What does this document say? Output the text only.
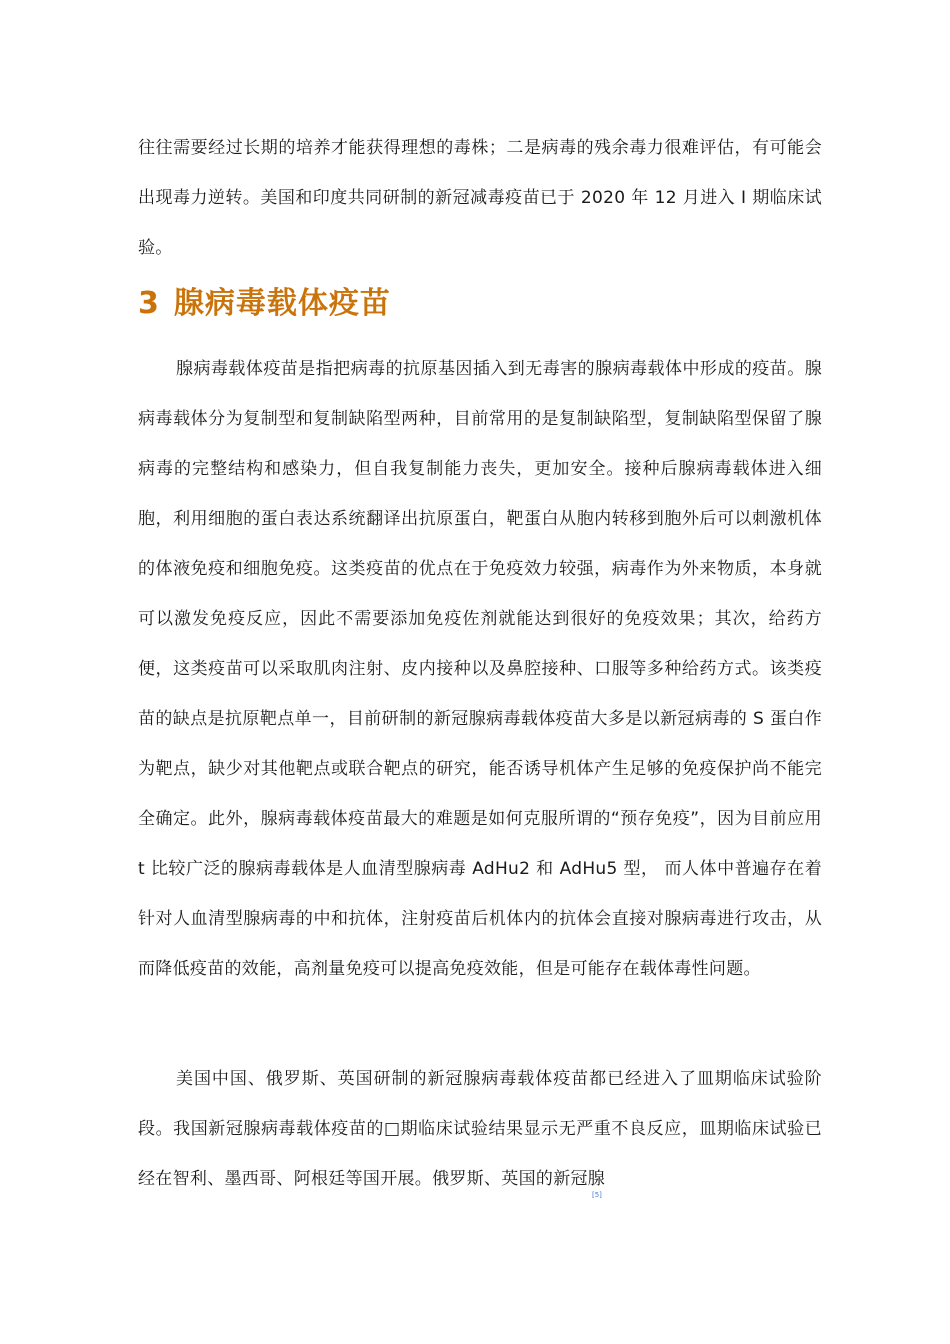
往往需要经过长期的培养才能获得理想的毒株；二是病毒的残余毒力很难评估，有可能会出现毒力逆转。美国和印度共同研制的新冠减毒疫苗已于 2020 年 12 月进入 I 期临床试验。

3 腺病毒载体疫苗

腺病毒载体疫苗是指把病毒的抗原基因插入到无毒害的腺病毒载体中形成的疫苗。腺病毒载体分为复制型和复制缺陷型两种，目前常用的是复制缺陷型，复制缺陷型保留了腺病毒的完整结构和感染力，但自我复制能力丧失，更加安全。接种后腺病毒载体进入细胞，利用细胞的蛋白表达系统翻译出抗原蛋白，靶蛋白从胞内转移到胞外后可以刺激机体的体液免疫和细胞免疫。这类疫苗的优点在于免疫效力较强，病毒作为外来物质，本身就可以激发免疫反应，因此不需要添加免疫佐剂就能达到很好的免疫效果；其次，给药方便，这类疫苗可以采取肌肉注射、皮内接种以及鼻腔接种、口服等多种给药方式。该类疫苗的缺点是抗原靶点单一，目前研制的新冠腺病毒载体疫苗大多是以新冠病毒的 S 蛋白作为靶点，缺少对其他靶点或联合靶点的研究，能否诱导机体产生足够的免疫保护尚不能完全确定。此外，腺病毒载体疫苗最大的难题是如何克服所谓的“预存免疫”，因为目前应用 t 比较广泛的腺病毒载体是人血清型腺病毒 AdHu2 和 AdHu5 型， 而人体中普遍存在着针对人血清型腺病毒的中和抗体，注射疫苗后机体内的抗体会直接对腺病毒进行攻击，从而降低疫苗的效能，高剂量免疫可以提高免疫效能，但是可能存在载体毒性问题。

美国中国、俄罗斯、英国研制的新冠腺病毒载体疫苗都已经进入了皿期临床试验阶段。我国新冠腺病毒载体疫苗的□期临床试验结果显示无严重不良反应，皿期临床试验已经在智利、墨西哥、阿根廷等国开展。俄罗斯、英国的新冠腺

[5]
